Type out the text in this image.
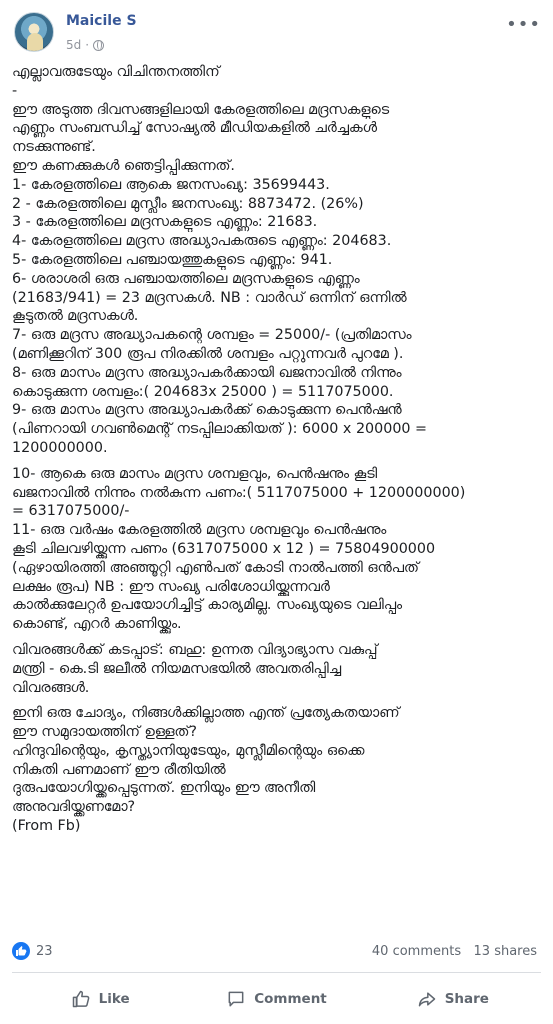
Maicile S
5d ·
•••

എല്ലാവരുടേയും വിചിന്തനത്തിന്

-

ഈ അടുത്ത ദിവസങ്ങളിലായി കേരളത്തിലെ മദ്രസകളുടെ

എണ്ണം സംബന്ധിച്ച് സോഷ്യൽ മീഡിയകളിൽ ചർച്ചകൾ

നടക്കുന്നുണ്ട്.

ഈ കണക്കുകൾ ഞെട്ടിപ്പിക്കുന്നത്.

1- കേരളത്തിലെ ആകെ ജനസംഖ്യ: 35699443.

2 - കേരളത്തിലെ മുസ്ലീം ജനസംഖ്യ: 8873472. (26%)

3 - കേരളത്തിലെ മദ്രസകളുടെ എണ്ണം: 21683.

4- കേരളത്തിലെ മദ്രസ അദ്ധ്യാപകരുടെ എണ്ണം: 204683.

5- കേരളത്തിലെ പഞ്ചായത്തുകളുടെ എണ്ണം: 941.

6- ശരാശരി ഒരു പഞ്ചായത്തിലെ മദ്രസകളുടെ എണ്ണം

(21683/941) = 23 മദ്രസകൾ. NB : വാർഡ് ഒന്നിന് ഒന്നിൽ

കൂടുതൽ മദ്രസകൾ.

7- ഒരു മദ്രസ അദ്ധ്യാപകന്റെ ശമ്പളം = 25000/- (പ്രതിമാസം

(മണിക്കൂറിന് 300 രൂപ നിരക്കിൽ ശമ്പളം പറ്റുന്നവർ പുറമേ ).

8- ഒരു മാസം മദ്രസ അദ്ധ്യാപകർക്കായി ഖജനാവിൽ നിന്നും

കൊടുക്കുന്ന ശമ്പളം:( 204683x 25000 ) = 5117075000.

9- ഒരു മാസം മദ്രസ അദ്ധ്യാപകർക്ക് കൊടുക്കുന്ന പെൻഷൻ

(പിണറായി ഗവൺമെന്റ് നടപ്പിലാക്കിയത് ): 6000 x 200000 =

1200000000.

10- ആകെ ഒരു മാസം മദ്രസ ശമ്പളവും, പെൻഷനും കൂടി

ഖജനാവിൽ നിന്നും നൽകുന്ന പണം:( 5117075000 + 1200000000)

= 6317075000/-

11- ഒരു വർഷം കേരളത്തിൽ മദ്രസ ശമ്പളവും പെൻഷനും

കൂടി ചിലവഴിയ്ക്കുന്ന പണം (6317075000 x 12 ) = 75804900000

(ഏഴായിരത്തി അഞ്ഞൂറ്റി എൺപത് കോടി നാൽപത്തി ഒൻപത്

ലക്ഷം രൂപ) NB : ഈ സംഖ്യ പരിശോധിയ്ക്കുന്നവർ

കാൽക്കുലേറ്റർ ഉപയോഗിച്ചിട്ട് കാര്യമില്ല. സംഖ്യയുടെ വലിപ്പം

കൊണ്ട്, എറർ കാണിയ്ക്കും.

വിവരങ്ങൾക്ക് കടപ്പാട്: ബഹു: ഉന്നത വിദ്യാഭ്യാസ വകുപ്പ്

മന്ത്രി - കെ.ടി ജലീൽ നിയമസഭയിൽ അവതരിപ്പിച്ച

വിവരങ്ങൾ.

ഇനി ഒരു ചോദ്യം, നിങ്ങൾക്കില്ലാത്ത എന്ത് പ്രത്യേകതയാണ്

ഈ സമുദായത്തിന് ഉള്ളത്?

ഹിന്ദുവിന്റെയും, കൃസ്ത്യാനിയുടേയും, മുസ്ലീമിന്റെയും ഒക്കെ

നികുതി പണമാണ് ഈ രീതിയിൽ

ദുരുപയോഗിയ്ക്കപ്പെടുന്നത്. ഇനിയും ഈ അനീതി

അനുവദിയ്ക്കണമോ?

(From Fb)

23	40 comments 13 shares
Like	Comment	Share
